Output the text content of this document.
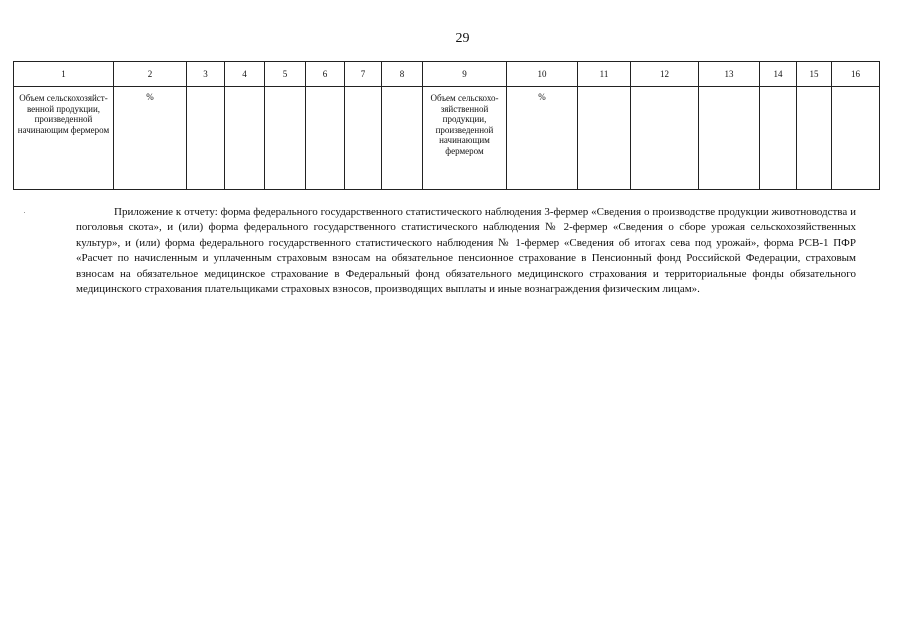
29
1	2	3	4	5	6	7	8	9	10	11	12	13	14	15	16

Объем сельскохозяйст-венной продукции, произведенной начинающим фермером	%							Объем сельскохо-зяйственной продукции, произведенной начинающим фермером	%						

Приложение к отчету: форма федерального государственного статистического наблюдения 3-фермер «Сведения о производстве продукции животноводства и поголовья скота», и (или) форма федерального государственного статистического наблюдения № 2-фермер «Сведения о сборе урожая сельскохозяйственных культур», и (или) форма федерального государственного статистического наблюдения № 1-фермер «Сведения об итогах сева под урожай», форма РСВ-1 ПФР «Расчет по начисленным и уплаченным страховым взносам на обязательное пенсионное страхование в Пенсионный фонд Российской Федерации, страховым взносам на обязательное медицинское страхование в Федеральный фонд обязательного медицинского страхования и территориальные фонды обязательного медицинского страхования плательщиками страховых взносов, производящих выплаты и иные вознаграждения физическим лицам».
